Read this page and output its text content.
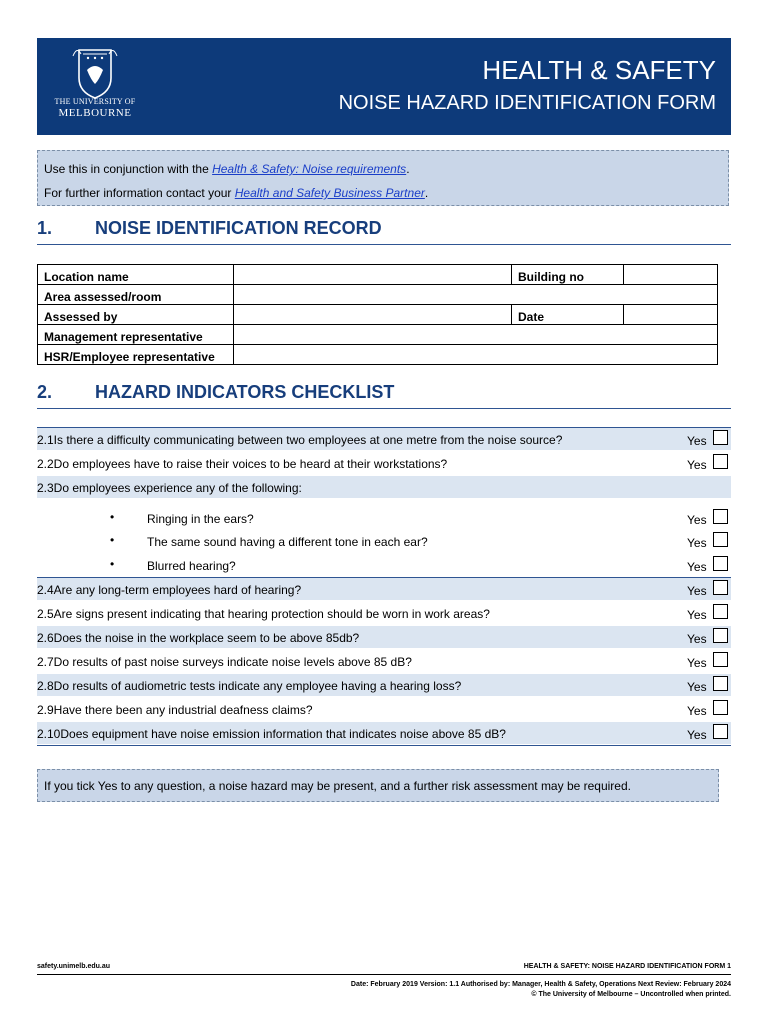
THE UNIVERSITY OF
MELBOURNE
HEALTH & SAFETY
NOISE HAZARD IDENTIFICATION FORM
Use this in conjunction with the Health & Safety: Noise requirements.
For further information contact your Health and Safety Business Partner.
1. NOISE IDENTIFICATION RECORD
Location name		Building no	
Area assessed/room			
Assessed by		Date	
Management representative			
HSR/Employee representative			
2. HAZARD INDICATORS CHECKLIST
2.1Is there a difficulty communicating between two employees at one metre from the noise source?	Yes
2.2Do employees have to raise their voices to be heard at their workstations?	Yes
2.3Do employees experience any of the following:
•	Ringing in the ears?	Yes
•	The same sound having a different tone in each ear?	Yes
•	Blurred hearing?	Yes
2.4Are any long-term employees hard of hearing?	Yes
2.5Are signs present indicating that hearing protection should be worn in work areas?	Yes
2.6Does the noise in the workplace seem to be above 85db?	Yes
2.7Do results of past noise surveys indicate noise levels above 85 dB?	Yes
2.8Do results of audiometric tests indicate any employee having a hearing loss?	Yes
2.9Have there been any industrial deafness claims?	Yes
2.10Does equipment have noise emission information that indicates noise above 85 dB?	Yes
If you tick Yes to any question, a noise hazard may be present, and a further risk assessment may be required.
safety.unimelb.edu.au	HEALTH & SAFETY: NOISE HAZARD IDENTIFICATION FORM 1
Date: February 2019 Version: 1.1 Authorised by: Manager, Health & Safety, Operations Next Review: February 2024
© The University of Melbourne – Uncontrolled when printed.
